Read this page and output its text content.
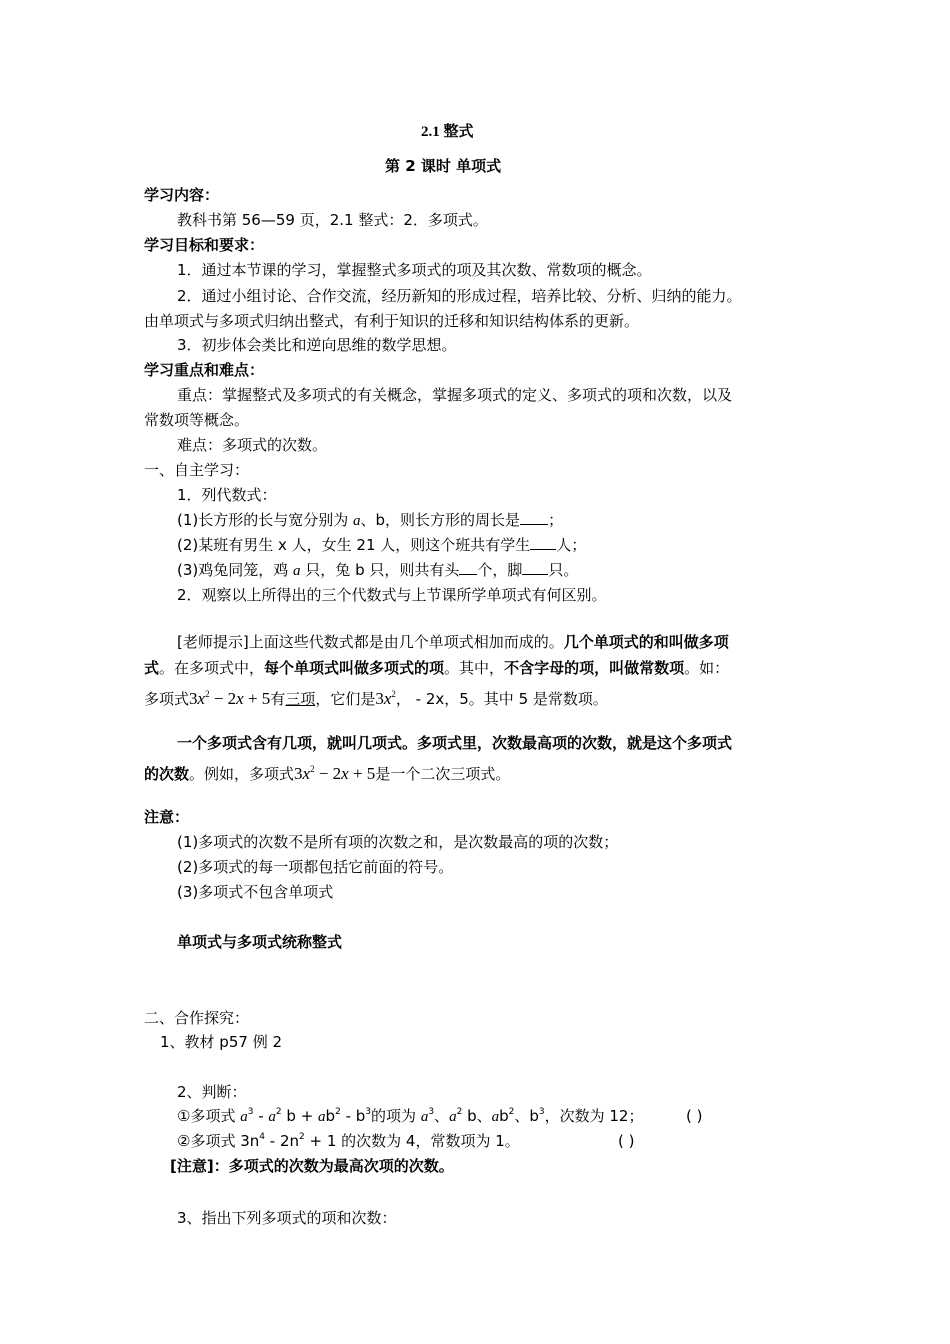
2.1 整式
第 2 课时 单项式
学习内容：
教科书第 56—59 页，2.1 整式：2．多项式。
学习目标和要求：
1．通过本节课的学习，掌握整式多项式的项及其次数、常数项的概念。
2．通过小组讨论、合作交流，经历新知的形成过程，培养比较、分析、归纳的能力。
由单项式与多项式归纳出整式，有利于知识的迁移和知识结构体系的更新。
3．初步体会类比和逆向思维的数学思想。
学习重点和难点：
重点：掌握整式及多项式的有关概念，掌握多项式的定义、多项式的项和次数，以及
常数项等概念。
难点：多项式的次数。
一、自主学习：
1．列代数式：
(1)长方形的长与宽分别为 a、b，则长方形的周长是 ；
(2)某班有男生 x 人，女生 21 人，则这个班共有学生 人；
(3)鸡兔同笼，鸡 a 只，兔 b 只，则共有头 个，脚 只。
2．观察以上所得出的三个代数式与上节课所学单项式有何区别。
[老师提示]上面这些代数式都是由几个单项式相加而成的。几个单项式的和叫做多项
式。在多项式中，每个单项式叫做多项式的项。其中，不含字母的项，叫做常数项。如：
多项式$3x^2 - 2x + 5$有三项，它们是$3x^2$， - 2x，5。其中 5 是常数项。
一个多项式含有几项，就叫几项式。多项式里，次数最高项的次数，就是这个多项式
的次数。例如，多项式$3x^2 - 2x + 5$是一个二次三项式。
注意：
(1)多项式的次数不是所有项的次数之和，是次数最高的项的次数；
(2)多项式的每一项都包括它前面的符号。
(3)多项式不包含单项式
单项式与多项式统称整式
二、合作探究：
1、教材 p57 例 2
2、判断：
①多项式 $a^3 - a^2$ $b + ab^2 - b^3$的项为 $a^3$、$a^2$ b、$ab^2$、$b^3$，次数为 12；	( )
②多项式 $3n^4 - 2n^2 + 1$ 的次数为 4，常数项为 1。	( )
[注意]：多项式的次数为最高次项的次数。
3、指出下列多项式的项和次数：
